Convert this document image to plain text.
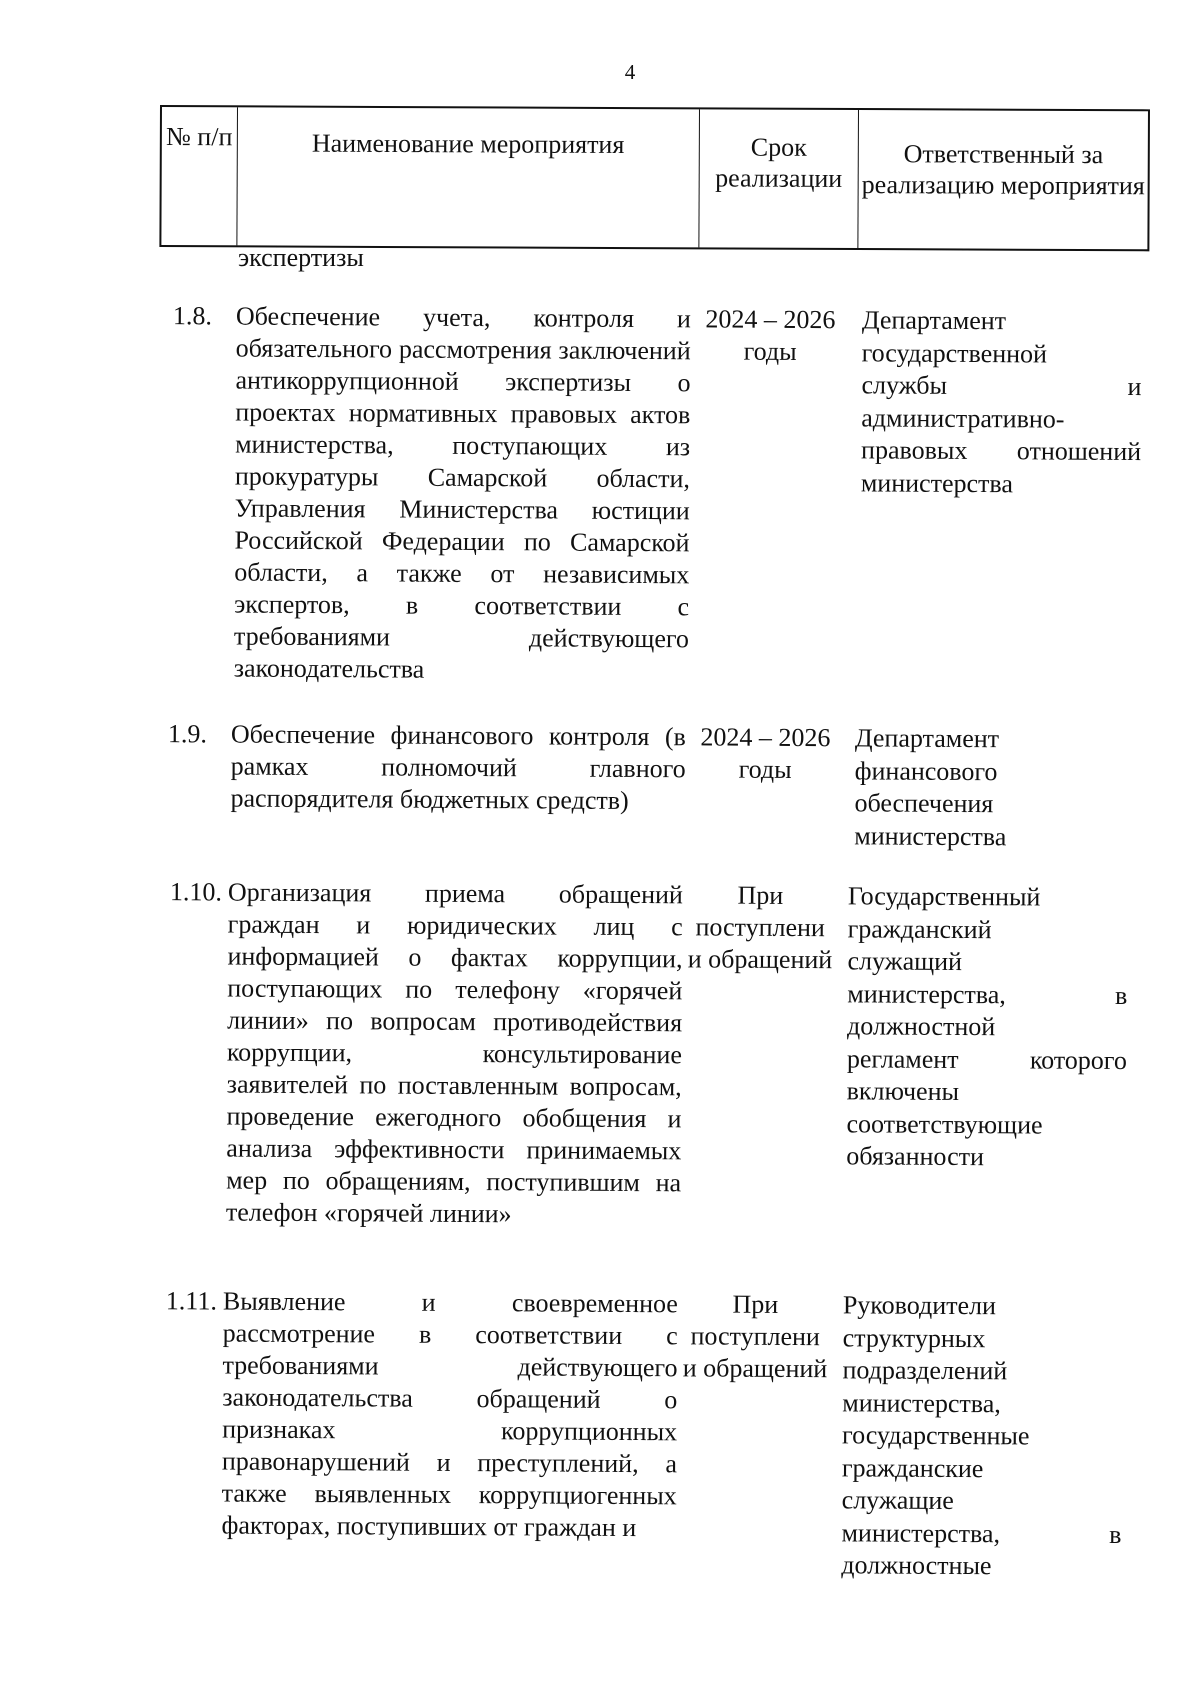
4
№ п/п	Наименование мероприятия	Срок реализации
Ответственный за реализацию мероприятия
экспертизы
1.8. Обеспечение учета, контроля и обязательного рассмотрения заключений антикоррупционной экспертизы о проектах нормативных правовых актов министерства, поступающих из прокуратуры Самарской области, Управления Министерства юстиции Российской Федерации по Самарской области, а также от независимых экспертов, в соответствии с требованиями действующего законодательства
2024 – 2026 годы
Департамент
государственной
службы и
административно-
правовых отношений
министерства
1.9. Обеспечение финансового контроля (в рамках полномочий главного распорядителя бюджетных средств)
2024 – 2026 годы
Департамент
финансового
обеспечения
министерства
1.10. Организация приема обращений граждан и юридических лиц с информацией о фактах коррупции, поступающих по телефону «горячей линии» по вопросам противодействия коррупции, консультирование заявителей по поставленным вопросам, проведение ежегодного обобщения и анализа эффективности принимаемых мер по обращениям, поступившим на телефон «горячей линии»
При поступлени и обращений
Государственный
гражданский
служащий
министерства, в
должностной
регламент которого
включены
соответствующие
обязанности
1.11. Выявление и своевременное рассмотрение в соответствии с требованиями действующего законодательства обращений о признаках коррупционных правонарушений и преступлений, а также выявленных коррупциогенных факторах, поступивших от граждан и
При поступлени и обращений
Руководители
структурных
подразделений
министерства,
государственные
гражданские
служащие
министерства, в
должностные
